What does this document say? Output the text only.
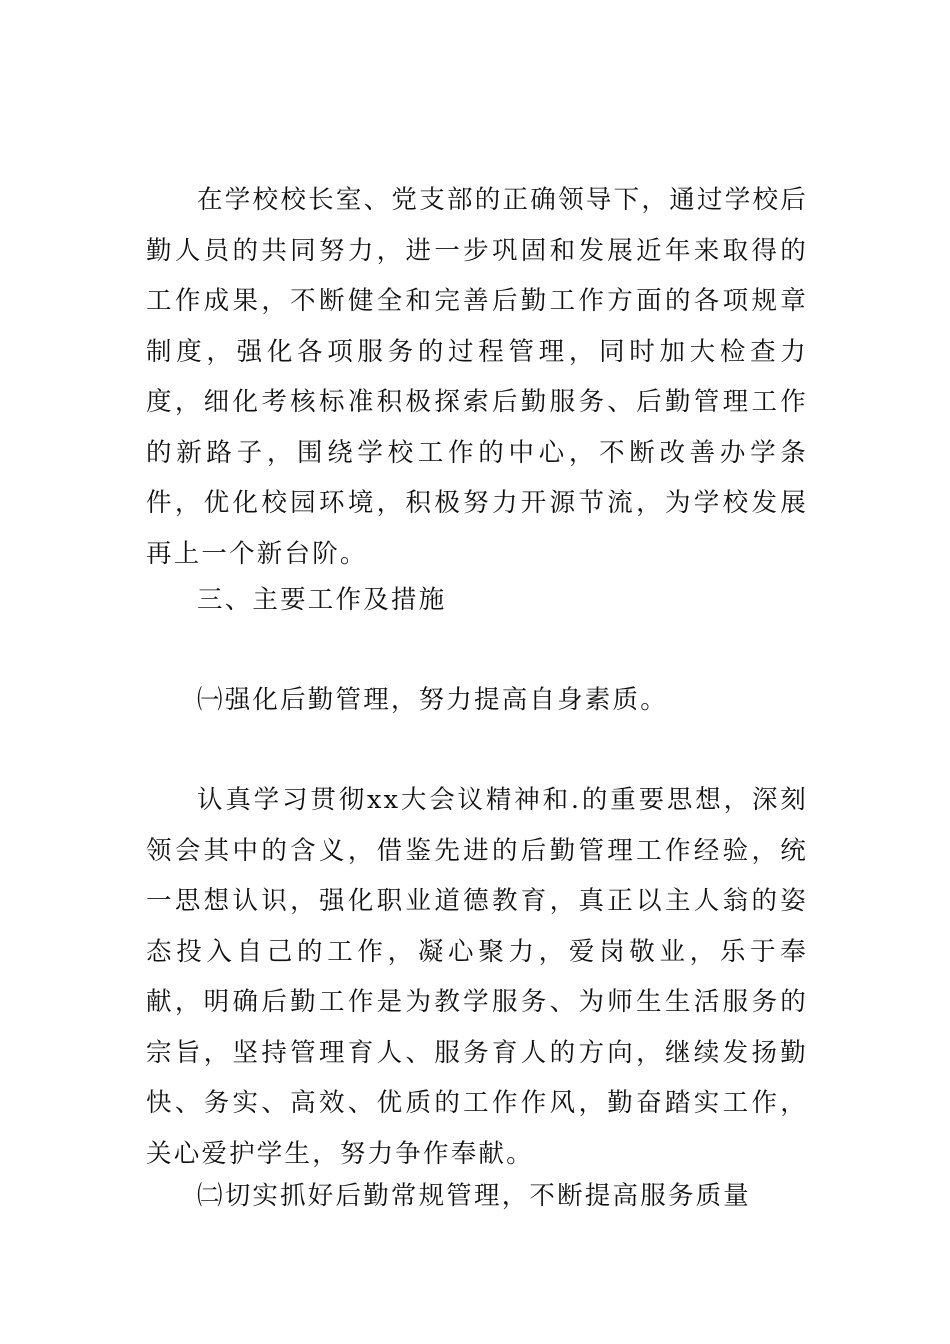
在学校校长室、党支部的正确领导下，通过学校后勤人员的共同努力，进一步巩固和发展近年来取得的工作成果，不断健全和完善后勤工作方面的各项规章制度，强化各项服务的过程管理，同时加大检查力度，细化考核标准积极探索后勤服务、后勤管理工作的新路子，围绕学校工作的中心，不断改善办学条件，优化校园环境，积极努力开源节流，为学校发展再上一个新台阶。

三、主要工作及措施

㈠强化后勤管理，努力提高自身素质。

认真学习贯彻xx大会议精神和.的重要思想，深刻领会其中的含义，借鉴先进的后勤管理工作经验，统一思想认识，强化职业道德教育，真正以主人翁的姿态投入自己的工作，凝心聚力，爱岗敬业，乐于奉献，明确后勤工作是为教学服务、为师生生活服务的宗旨，坚持管理育人、服务育人的方向，继续发扬勤快、务实、高效、优质的工作作风，勤奋踏实工作，关心爱护学生，努力争作奉献。

㈡切实抓好后勤常规管理，不断提高服务质量
